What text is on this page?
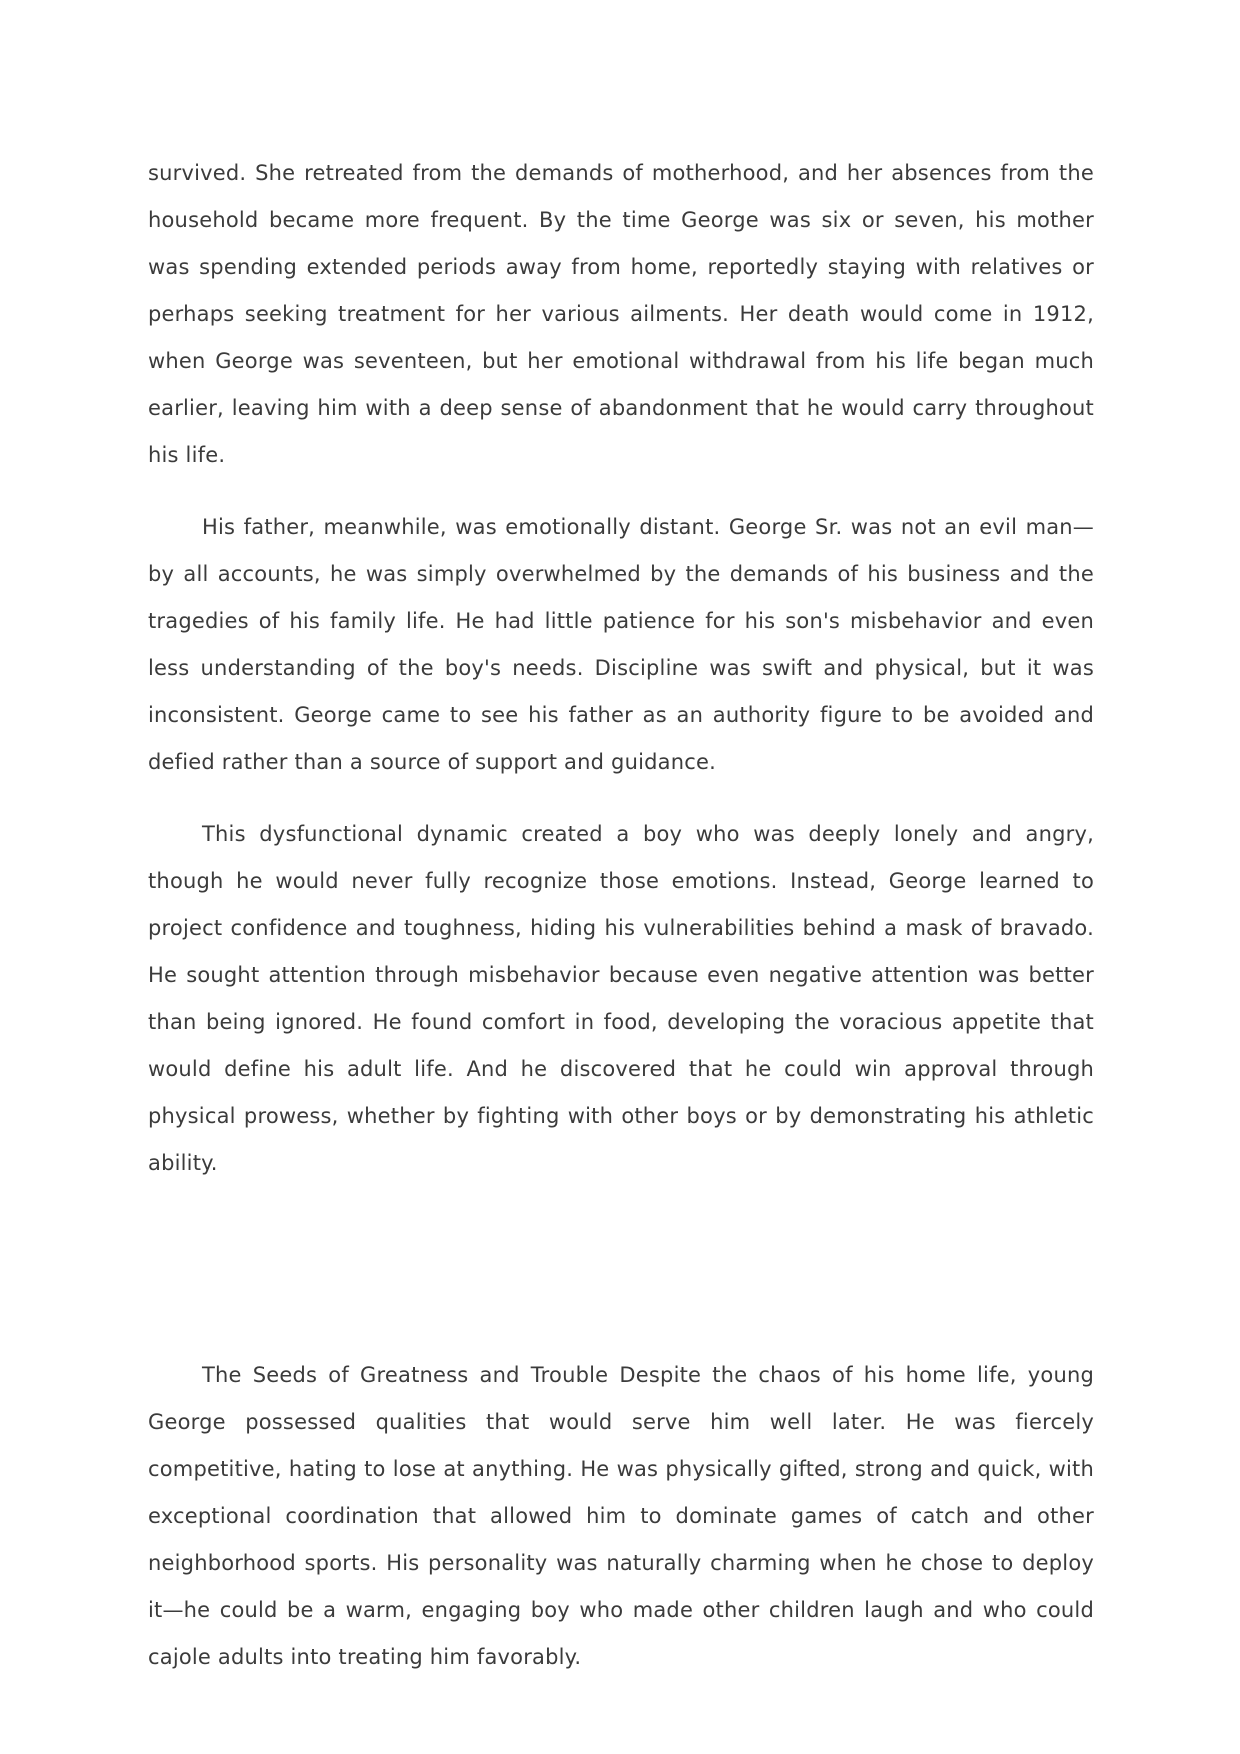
survived. She retreated from the demands of motherhood, and her absences from the household became more frequent. By the time George was six or seven, his mother was spending extended periods away from home, reportedly staying with relatives or perhaps seeking treatment for her various ailments. Her death would come in 1912, when George was seventeen, but her emotional withdrawal from his life began much earlier, leaving him with a deep sense of abandonment that he would carry throughout his life.

His father, meanwhile, was emotionally distant. George Sr. was not an evil man—by all accounts, he was simply overwhelmed by the demands of his business and the tragedies of his family life. He had little patience for his son's misbehavior and even less understanding of the boy's needs. Discipline was swift and physical, but it was inconsistent. George came to see his father as an authority figure to be avoided and defied rather than a source of support and guidance.

This dysfunctional dynamic created a boy who was deeply lonely and angry, though he would never fully recognize those emotions. Instead, George learned to project confidence and toughness, hiding his vulnerabilities behind a mask of bravado. He sought attention through misbehavior because even negative attention was better than being ignored. He found comfort in food, developing the voracious appetite that would define his adult life. And he discovered that he could win approval through physical prowess, whether by fighting with other boys or by demonstrating his athletic ability.

The Seeds of Greatness and Trouble Despite the chaos of his home life, young George possessed qualities that would serve him well later. He was fiercely competitive, hating to lose at anything. He was physically gifted, strong and quick, with exceptional coordination that allowed him to dominate games of catch and other neighborhood sports. His personality was naturally charming when he chose to deploy it—he could be a warm, engaging boy who made other children laugh and who could cajole adults into treating him favorably.
